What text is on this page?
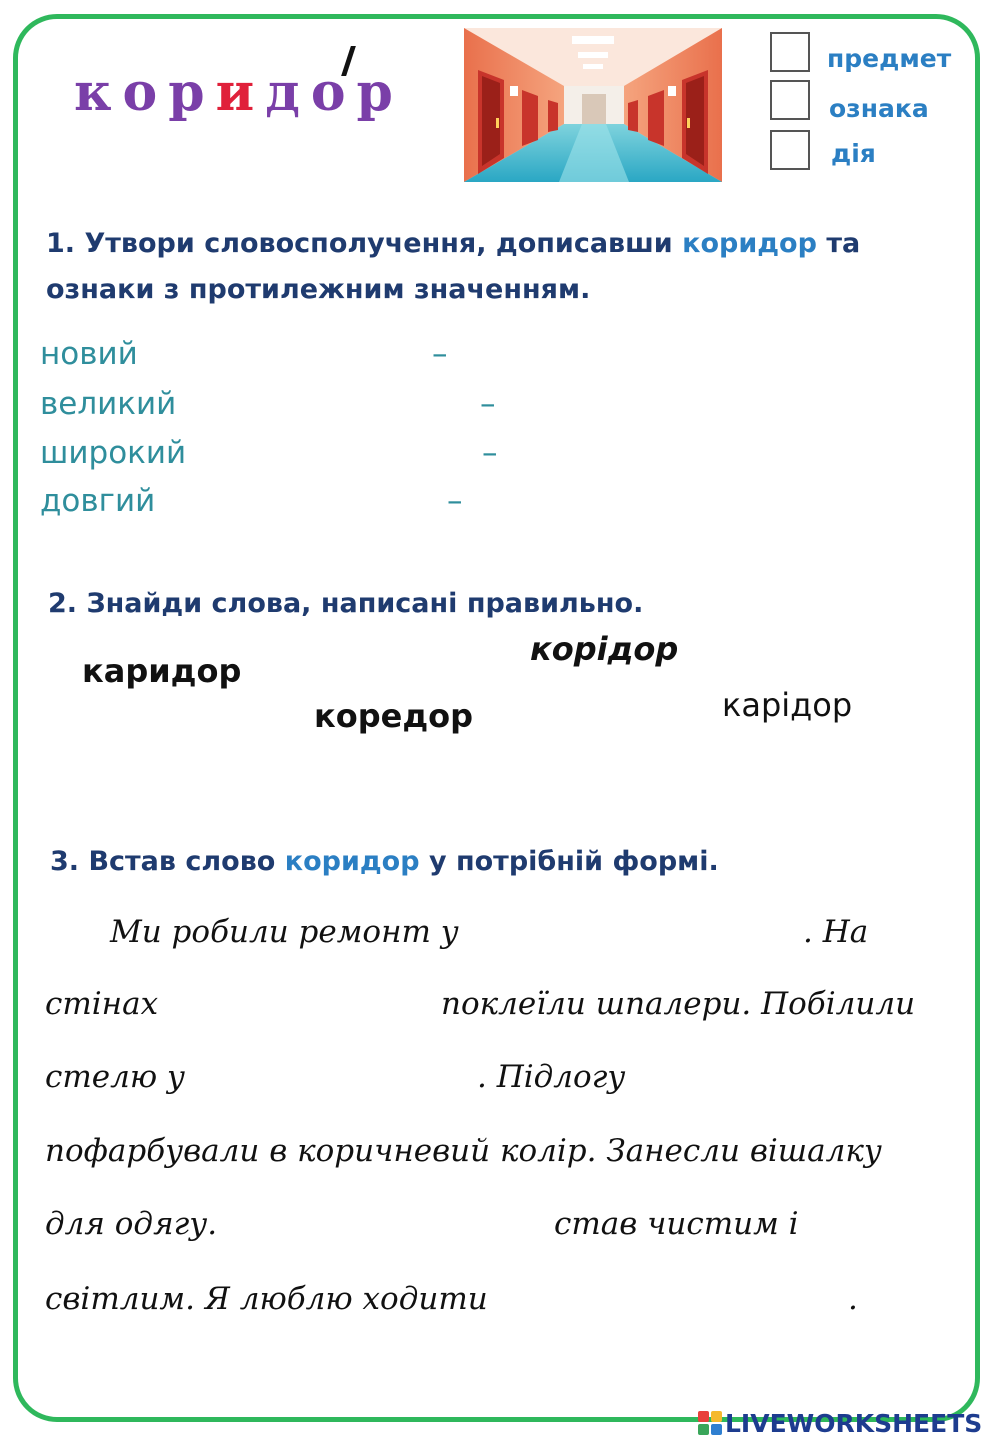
коридор
предмет
ознака
дія
1. Утвори словосполучення, дописавши коридор та
ознаки з протилежним значенням.
новий	–
великий	–
широкий	–
довгий	–
2. Знайди слова, написані правильно.
каридор
корідор
коредор	карідор
3. Встав слово коридор у потрібній формі.
Ми робили ремонт у	. На
стінах	поклеїли шпалери. Побілили
стелю у	. Підлогу
пофарбували в коричневий колір. Занесли вішалку
для одягу.	став чистим і
світлим. Я люблю ходити	.
LIVEWORKSHEETS
